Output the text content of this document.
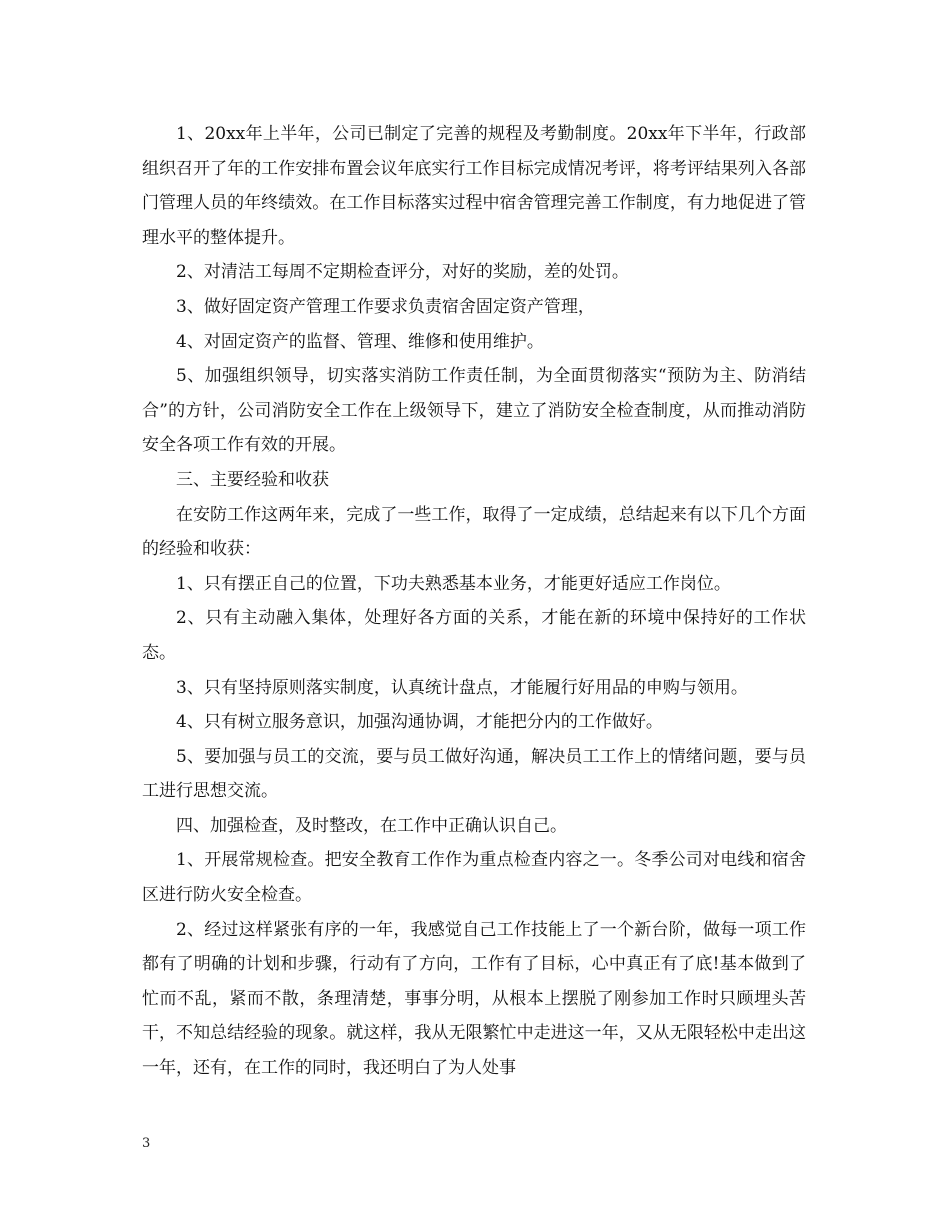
1、20xx年上半年，公司已制定了完善的规程及考勤制度。20xx年下半年，行政部组织召开了年的工作安排布置会议年底实行工作目标完成情况考评，将考评结果列入各部门管理人员的年终绩效。在工作目标落实过程中宿舍管理完善工作制度，有力地促进了管理水平的整体提升。

2、对清洁工每周不定期检查评分，对好的奖励，差的处罚。

3、做好固定资产管理工作要求负责宿舍固定资产管理，

4、对固定资产的监督、管理、维修和使用维护。

5、加强组织领导，切实落实消防工作责任制，为全面贯彻落实“预防为主、防消结合”的方针，公司消防安全工作在上级领导下，建立了消防安全检查制度，从而推动消防安全各项工作有效的开展。

三、主要经验和收获

在安防工作这两年来，完成了一些工作，取得了一定成绩，总结起来有以下几个方面的经验和收获：

1、只有摆正自己的位置，下功夫熟悉基本业务，才能更好适应工作岗位。

2、只有主动融入集体，处理好各方面的关系，才能在新的环境中保持好的工作状态。

3、只有坚持原则落实制度，认真统计盘点，才能履行好用品的申购与领用。

4、只有树立服务意识，加强沟通协调，才能把分内的工作做好。

5、要加强与员工的交流，要与员工做好沟通，解决员工工作上的情绪问题，要与员工进行思想交流。

四、加强检查，及时整改，在工作中正确认识自己。

1、开展常规检查。把安全教育工作作为重点检查内容之一。冬季公司对电线和宿舍区进行防火安全检查。

2、经过这样紧张有序的一年，我感觉自己工作技能上了一个新台阶，做每一项工作都有了明确的计划和步骤，行动有了方向，工作有了目标，心中真正有了底!基本做到了忙而不乱，紧而不散，条理清楚，事事分明，从根本上摆脱了刚参加工作时只顾埋头苦干，不知总结经验的现象。就这样，我从无限繁忙中走进这一年，又从无限轻松中走出这一年，还有，在工作的同时，我还明白了为人处事

3
